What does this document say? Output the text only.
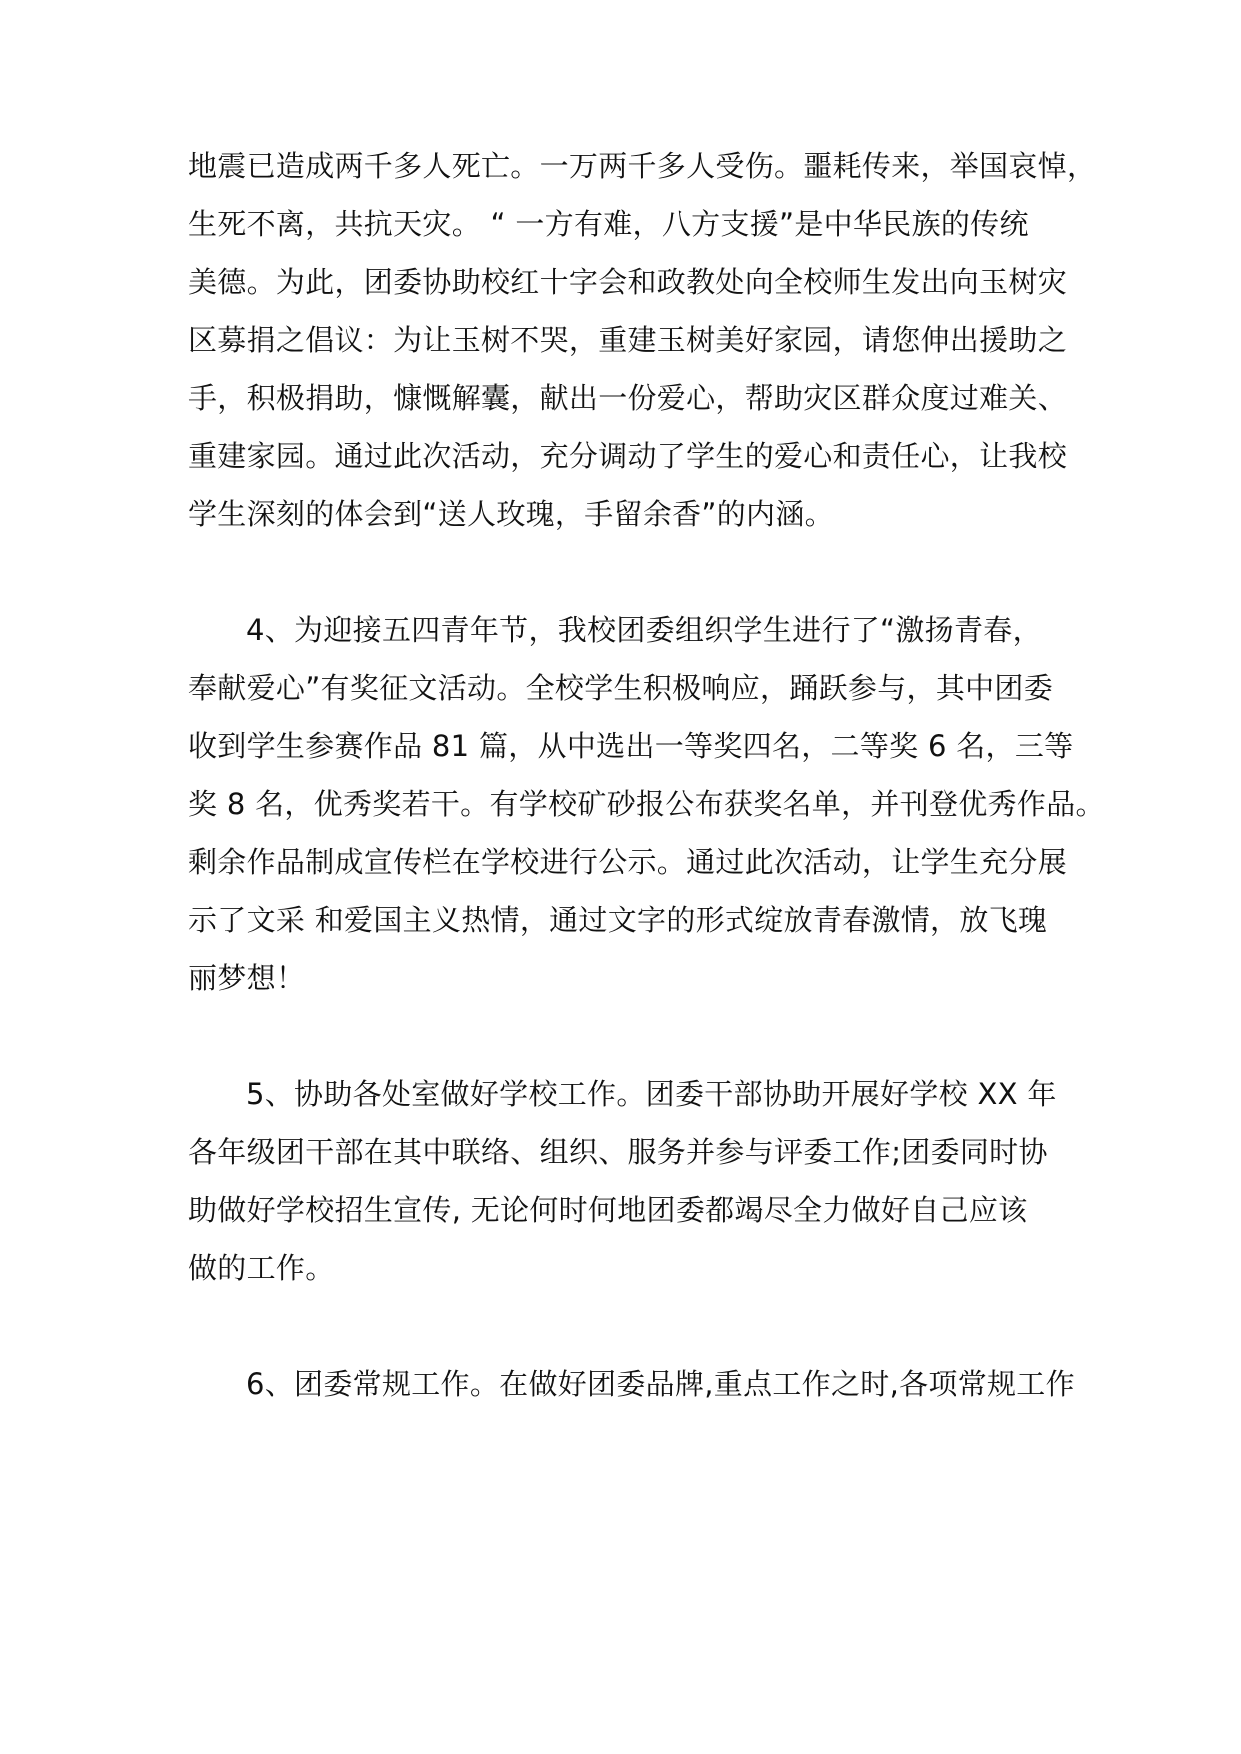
地震已造成两千多人死亡。一万两千多人受伤。噩耗传来，举国哀悼，
生死不离，共抗天灾。 “ 一方有难，八方支援”是中华民族的传统
美德。为此，团委协助校红十字会和政教处向全校师生发出向玉树灾
区募捐之倡议：为让玉树不哭，重建玉树美好家园，请您伸出援助之
手，积极捐助，慷慨解囊，献出一份爱心，帮助灾区群众度过难关、
重建家园。通过此次活动，充分调动了学生的爱心和责任心，让我校
学生深刻的体会到“送人玫瑰，手留余香”的内涵。
4、为迎接五四青年节，我校团委组织学生进行了“激扬青春，
奉献爱心”有奖征文活动。全校学生积极响应，踊跃参与，其中团委
收到学生参赛作品 81 篇，从中选出一等奖四名，二等奖 6 名，三等
奖 8 名，优秀奖若干。有学校矿砂报公布获奖名单，并刊登优秀作品。
剩余作品制成宣传栏在学校进行公示。通过此次活动，让学生充分展
示了文采 和爱国主义热情，通过文字的形式绽放青春激情，放飞瑰
丽梦想！
5、协助各处室做好学校工作。团委干部协助开展好学校 XX 年
各年级团干部在其中联络、组织、服务并参与评委工作;团委同时协
助做好学校招生宣传, 无论何时何地团委都竭尽全力做好自己应该
做的工作。
6、团委常规工作。在做好团委品牌,重点工作之时,各项常规工作
